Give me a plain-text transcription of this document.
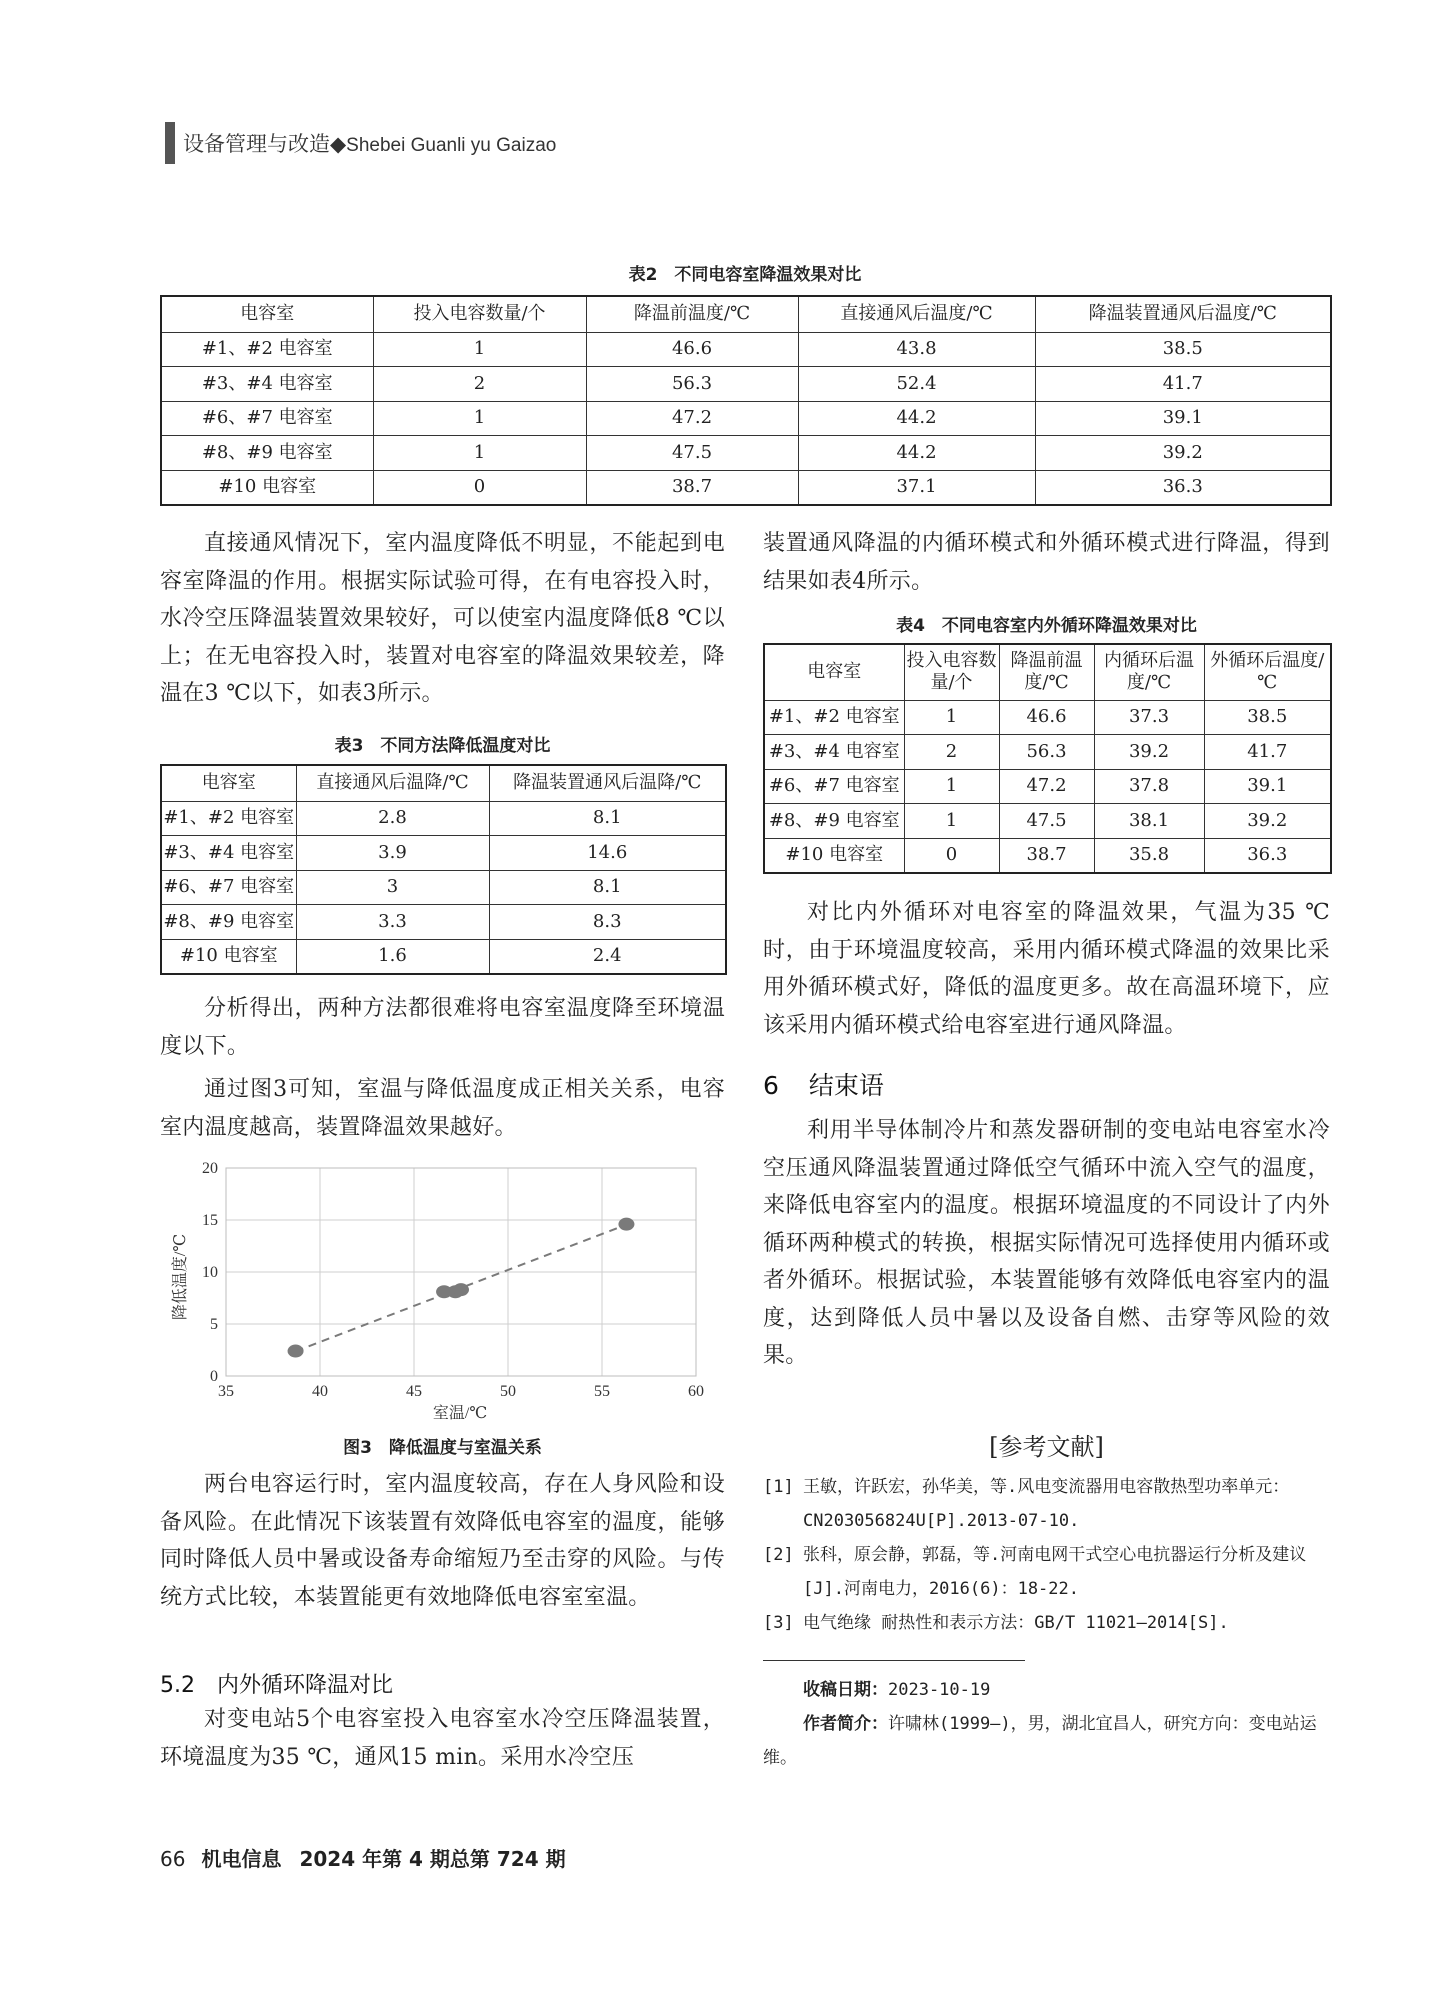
设备管理与改造◆Shebei Guanli yu Gaizao
表2　不同电容室降温效果对比
电容室	投入电容数量/个	降温前温度/℃	直接通风后温度/℃	降温装置通风后温度/℃
#1、#2 电容室	1	46.6	43.8	38.5
#3、#4 电容室	2	56.3	52.4	41.7
#6、#7 电容室	1	47.2	44.2	39.1
#8、#9 电容室	1	47.5	44.2	39.2
#10 电容室	0	38.7	37.1	36.3

直接通风情况下，室内温度降低不明显，不能起到电容室降温的作用。根据实际试验可得，在有电容投入时，水冷空压降温装置效果较好，可以使室内温度降低8 ℃以上；在无电容投入时，装置对电容室的降温效果较差，降温在3 ℃以下，如表3所示。

表3　不同方法降低温度对比
电容室	直接通风后温降/℃	降温装置通风后温降/℃
#1、#2 电容室	2.8	8.1
#3、#4 电容室	3.9	14.6
#6、#7 电容室	3	8.1
#8、#9 电容室	3.3	8.3
#10 电容室	1.6	2.4

分析得出，两种方法都很难将电容室温度降至环境温度以下。

通过图3可知，室温与降低温度成正相关关系，电容室内温度越高，装置降温效果越好。

0
5
10
15
20
35	40	45	50	55	60
降低温度/℃
室温/℃
图3　降低温度与室温关系

两台电容运行时，室内温度较高，存在人身风险和设备风险。在此情况下该装置有效降低电容室的温度，能够同时降低人员中暑或设备寿命缩短乃至击穿的风险。与传统方式比较，本装置能更有效地降低电容室室温。

5.2 内外循环降温对比

对变电站5个电容室投入电容室水冷空压降温装置，环境温度为35 ℃，通风15 min。采用水冷空压

装置通风降温的内循环模式和外循环模式进行降温，得到结果如表4所示。

表4　不同电容室内外循环降温效果对比
电容室	投入电容数量/个	降温前温度/℃	内循环后温度/℃	外循环后温度/℃
#1、#2 电容室	1	46.6	37.3	38.5
#3、#4 电容室	2	56.3	39.2	41.7
#6、#7 电容室	1	47.2	37.8	39.1
#8、#9 电容室	1	47.5	38.1	39.2
#10 电容室	0	38.7	35.8	36.3

对比内外循环对电容室的降温效果，气温为35 ℃时，由于环境温度较高，采用内循环模式降温的效果比采用外循环模式好，降低的温度更多。故在高温环境下，应该采用内循环模式给电容室进行通风降温。

6 结束语

利用半导体制冷片和蒸发器研制的变电站电容室水冷空压通风降温装置通过降低空气循环中流入空气的温度，来降低电容室内的温度。根据环境温度的不同设计了内外循环两种模式的转换，根据实际情况可选择使用内循环或者外循环。根据试验，本装置能够有效降低电容室内的温度，达到降低人员中暑以及设备自燃、击穿等风险的效果。

[参考文献]
[1] 王敏，许跃宏，孙华美，等.风电变流器用电容散热型功率单元：CN203056824U[P].2013-07-10.
[2] 张科，原会静，郭磊，等.河南电网干式空心电抗器运行分析及建议[J].河南电力，2016(6)：18-22.
[3] 电气绝缘 耐热性和表示方法：GB/T 11021—2014[S].
收稿日期：2023-10-19
作者简介：许啸林(1999—)，男，湖北宜昌人，研究方向：变电站运维。
66 机电信息 2024 年第 4 期总第 724 期
